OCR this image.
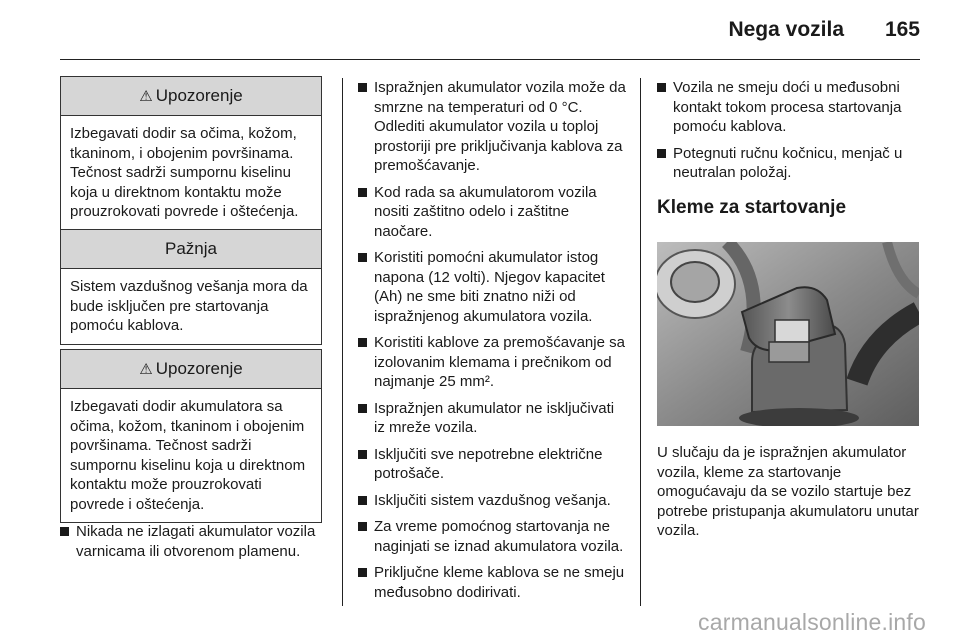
Nega vozila 165
⚠ Upozorenje
Izbegavati dodir sa očima, kožom, tkaninom, i obojenim površinama. Tečnost sadrži sumpornu kiselinu koja u direktnom kontaktu može prouzrokovati povrede i oštećenja.
Pažnja
Sistem vazdušnog vešanja mora da bude isključen pre startovanja pomoću kablova.
⚠ Upozorenje
Izbegavati dodir akumulatora sa očima, kožom, tkaninom i obojenim površinama. Tečnost sadrži sumpornu kiselinu koja u direktnom kontaktu može prouzrokovati povrede i oštećenja.
Nikada ne izlagati akumulator vozila varnicama ili otvorenom plamenu.
Ispražnjen akumulator vozila može da smrzne na temperaturi od 0 °C. Odlediti akumulator vozila u toploj prostoriji pre priključivanja kablova za premošćavanje.
Kod rada sa akumulatorom vozila nositi zaštitno odelo i zaštitne naočare.
Koristiti pomoćni akumulator istog napona (12 volti). Njegov kapacitet (Ah) ne sme biti znatno niži od ispražnjenog akumulatora vozila.
Koristiti kablove za premošćavanje sa izolovanim klemama i prečnikom od najmanje 25 mm².
Ispražnjen akumulator ne isključivati iz mreže vozila.
Isključiti sve nepotrebne električne potrošače.
Isključiti sistem vazdušnog vešanja.
Za vreme pomoćnog startovanja ne naginjati se iznad akumulatora vozila.
Priključne kleme kablova se ne smeju međusobno dodirivati.
Vozila ne smeju doći u međusobni kontakt tokom procesa startovanja pomoću kablova.
Potegnuti ručnu kočnicu, menjač u neutralan položaj.
Kleme za startovanje
U slučaju da je ispražnjen akumulator vozila, kleme za startovanje omogućavaju da se vozilo startuje bez potrebe pristupanja akumulatoru unutar vozila.
carmanualsonline.info
